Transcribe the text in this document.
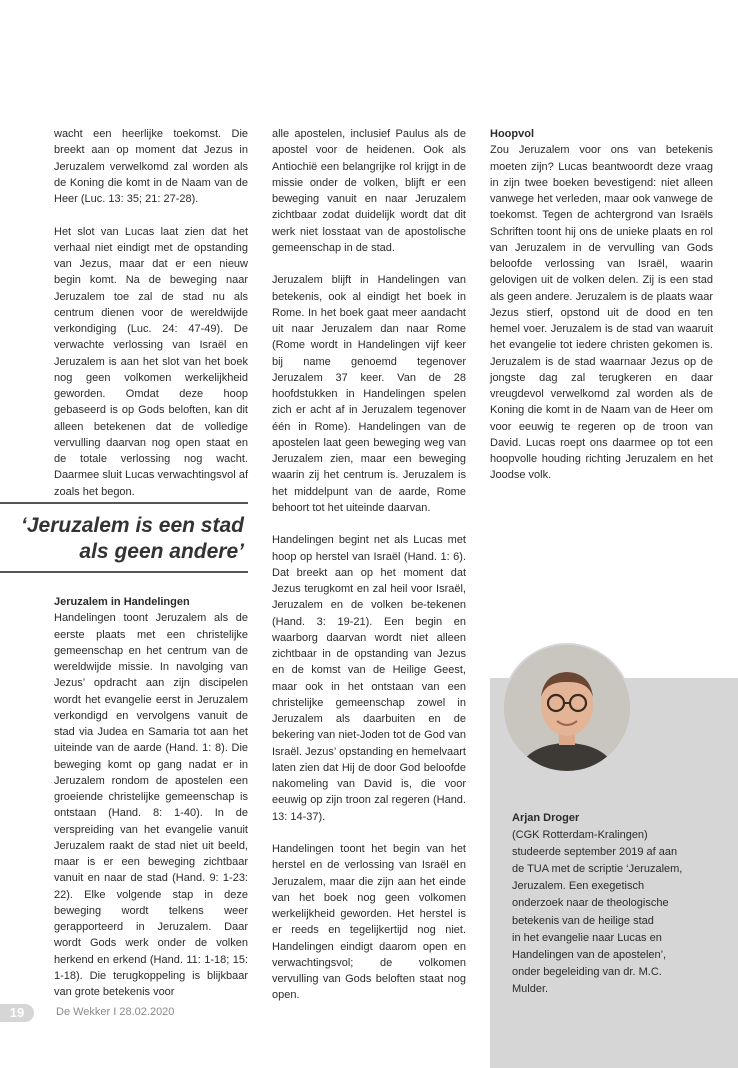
wacht een heerlijke toekomst. Die breekt aan op moment dat Jezus in Jeruzalem verwelkomd zal worden als de Koning die komt in de Naam van de Heer (Luc. 13: 35; 21: 27-28).

Het slot van Lucas laat zien dat het verhaal niet eindigt met de opstanding van Jezus, maar dat er een nieuw begin komt. Na de beweging naar Jeruzalem toe zal de stad nu als centrum dienen voor de wereldwijde verkondiging (Luc. 24: 47-49). De verwachte verlossing van Israël en Jeruzalem is aan het slot van het boek nog geen volkomen werkelijkheid geworden. Omdat deze hoop gebaseerd is op Gods beloften, kan dit alleen betekenen dat de volledige vervulling daarvan nog open staat en de totale verlossing nog wacht. Daarmee sluit Lucas verwachtingsvol af zoals het begon.

‘Jeruzalem is een stad
als geen andere’
Jeruzalem in Handelingen

Handelingen toont Jeruzalem als de eerste plaats met een christelijke gemeenschap en het centrum van de wereldwijde missie. In navolging van Jezus’ opdracht aan zijn discipelen wordt het evangelie eerst in Jeruzalem verkondigd en vervolgens vanuit de stad via Judea en Samaria tot aan het uiteinde van de aarde (Hand. 1: 8). Die beweging komt op gang nadat er in Jeruzalem rondom de apostelen een groeiende christelijke gemeenschap is ontstaan (Hand. 8: 1-40). In de verspreiding van het evangelie vanuit Jeruzalem raakt de stad niet uit beeld, maar is er een beweging zichtbaar vanuit en naar de stad (Hand. 9: 1-23: 22). Elke volgende stap in deze beweging wordt telkens weer gerapporteerd in Jeruzalem. Daar wordt Gods werk onder de volken herkend en erkend (Hand. 11: 1-18; 15: 1-18). Die terugkoppeling is blijkbaar van grote betekenis voor

alle apostelen, inclusief Paulus als de apostel voor de heidenen. Ook als Antiochië een belangrijke rol krijgt in de missie onder de volken, blijft er een beweging vanuit en naar Jeruzalem zichtbaar zodat duidelijk wordt dat dit werk niet losstaat van de apostolische gemeenschap in de stad.

Jeruzalem blijft in Handelingen van betekenis, ook al eindigt het boek in Rome. In het boek gaat meer aandacht uit naar Jeruzalem dan naar Rome (Rome wordt in Handelingen vijf keer bij name genoemd tegenover Jeruzalem 37 keer. Van de 28 hoofdstukken in Handelingen spelen zich er acht af in Jeruzalem tegenover één in Rome). Handelingen van de apostelen laat geen beweging weg van Jeruzalem zien, maar een beweging waarin zij het centrum is. Jeruzalem is het middelpunt van de aarde, Rome behoort tot het uiteinde daarvan.

Handelingen begint net als Lucas met hoop op herstel van Israël (Hand. 1: 6). Dat breekt aan op het moment dat Jezus terugkomt en zal heil voor Israël, Jeruzalem en de volken be-tekenen (Hand. 3: 19-21). Een begin en waarborg daarvan wordt niet alleen zichtbaar in de opstanding van Jezus en de komst van de Heilige Geest, maar ook in het ontstaan van een christelijke gemeenschap zowel in Jeruzalem als daarbuiten en de bekering van niet-Joden tot de God van Israël. Jezus’ opstanding en hemelvaart laten zien dat Hij de door God beloofde nakomeling van David is, die voor eeuwig op zijn troon zal regeren (Hand. 13: 14-37).

Handelingen toont het begin van het herstel en de verlossing van Israël en Jeruzalem, maar die zijn aan het einde van het boek nog geen volkomen werkelijkheid geworden. Het herstel is er reeds en tegelijkertijd nog niet. Handelingen eindigt daarom open en verwachtingsvol; de volkomen vervulling van Gods beloften staat nog open.

Hoopvol

Zou Jeruzalem voor ons van betekenis moeten zijn? Lucas beantwoordt deze vraag in zijn twee boeken bevestigend: niet alleen vanwege het verleden, maar ook vanwege de toekomst. Tegen de achtergrond van Israëls Schriften toont hij ons de unieke plaats en rol van Jeruzalem in de vervulling van Gods beloofde verlossing van Israël, waarin gelovigen uit de volken delen. Zij is een stad als geen andere. Jeruzalem is de plaats waar Jezus stierf, opstond uit de dood en ten hemel voer. Jeruzalem is de stad van waaruit het evangelie tot iedere christen gekomen is. Jeruzalem is de stad waarnaar Jezus op de jongste dag zal terugkeren en daar vreugdevol verwelkomd zal worden als de Koning die komt in de Naam van de Heer om voor eeuwig te regeren op de troon van David. Lucas roept ons daarmee op tot een hoopvolle houding richting Jeruzalem en het Joodse volk.

Arjan Droger
(CGK Rotterdam-Kralingen)
studeerde september 2019 af aan
de TUA met de scriptie ‘Jeruzalem,
Jeruzalem. Een exegetisch
onderzoek naar de theologische
betekenis van de heilige stad
in het evangelie naar Lucas en
Handelingen van de apostelen’,
onder begeleiding van dr. M.C.
Mulder.
19	De Wekker I 28.02.2020
